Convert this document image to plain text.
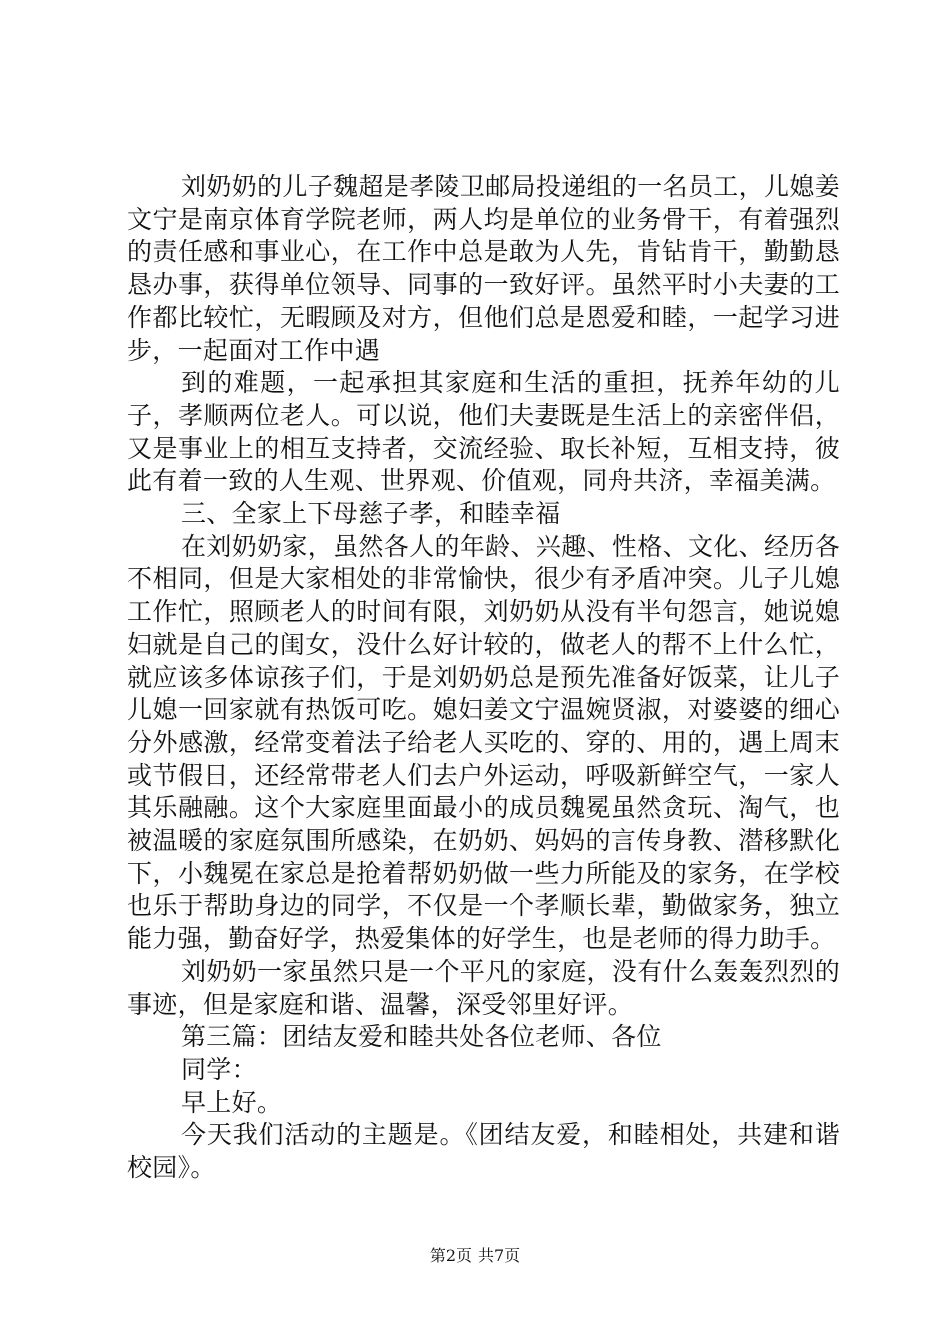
刘奶奶的儿子魏超是孝陵卫邮局投递组的一名员工，儿媳姜文宁是南京体育学院老师，两人均是单位的业务骨干，有着强烈的责任感和事业心，在工作中总是敢为人先，肯钻肯干，勤勤恳恳办事，获得单位领导、同事的一致好评。虽然平时小夫妻的工作都比较忙，无暇顾及对方，但他们总是恩爱和睦，一起学习进步，一起面对工作中遇

到的难题，一起承担其家庭和生活的重担，抚养年幼的儿子，孝顺两位老人。可以说，他们夫妻既是生活上的亲密伴侣，又是事业上的相互支持者，交流经验、取长补短，互相支持，彼此有着一致的人生观、世界观、价值观，同舟共济，幸福美满。

三、全家上下母慈子孝，和睦幸福

在刘奶奶家，虽然各人的年龄、兴趣、性格、文化、经历各不相同，但是大家相处的非常愉快，很少有矛盾冲突。儿子儿媳工作忙，照顾老人的时间有限，刘奶奶从没有半句怨言，她说媳妇就是自己的闺女，没什么好计较的，做老人的帮不上什么忙，就应该多体谅孩子们，于是刘奶奶总是预先准备好饭菜，让儿子儿媳一回家就有热饭可吃。媳妇姜文宁温婉贤淑，对婆婆的细心分外感激，经常变着法子给老人买吃的、穿的、用的，遇上周末或节假日，还经常带老人们去户外运动，呼吸新鲜空气，一家人其乐融融。这个大家庭里面最小的成员魏冕虽然贪玩、淘气，也被温暖的家庭氛围所感染，在奶奶、妈妈的言传身教、潜移默化下，小魏冕在家总是抢着帮奶奶做一些力所能及的家务，在学校也乐于帮助身边的同学，不仅是一个孝顺长辈，勤做家务，独立能力强，勤奋好学，热爱集体的好学生，也是老师的得力助手。

刘奶奶一家虽然只是一个平凡的家庭，没有什么轰轰烈烈的事迹，但是家庭和谐、温馨，深受邻里好评。

第三篇：团结友爱和睦共处各位老师、各位

同学：

早上好。

今天我们活动的主题是。《团结友爱，和睦相处，共建和谐校园》。

第2页 共7页
